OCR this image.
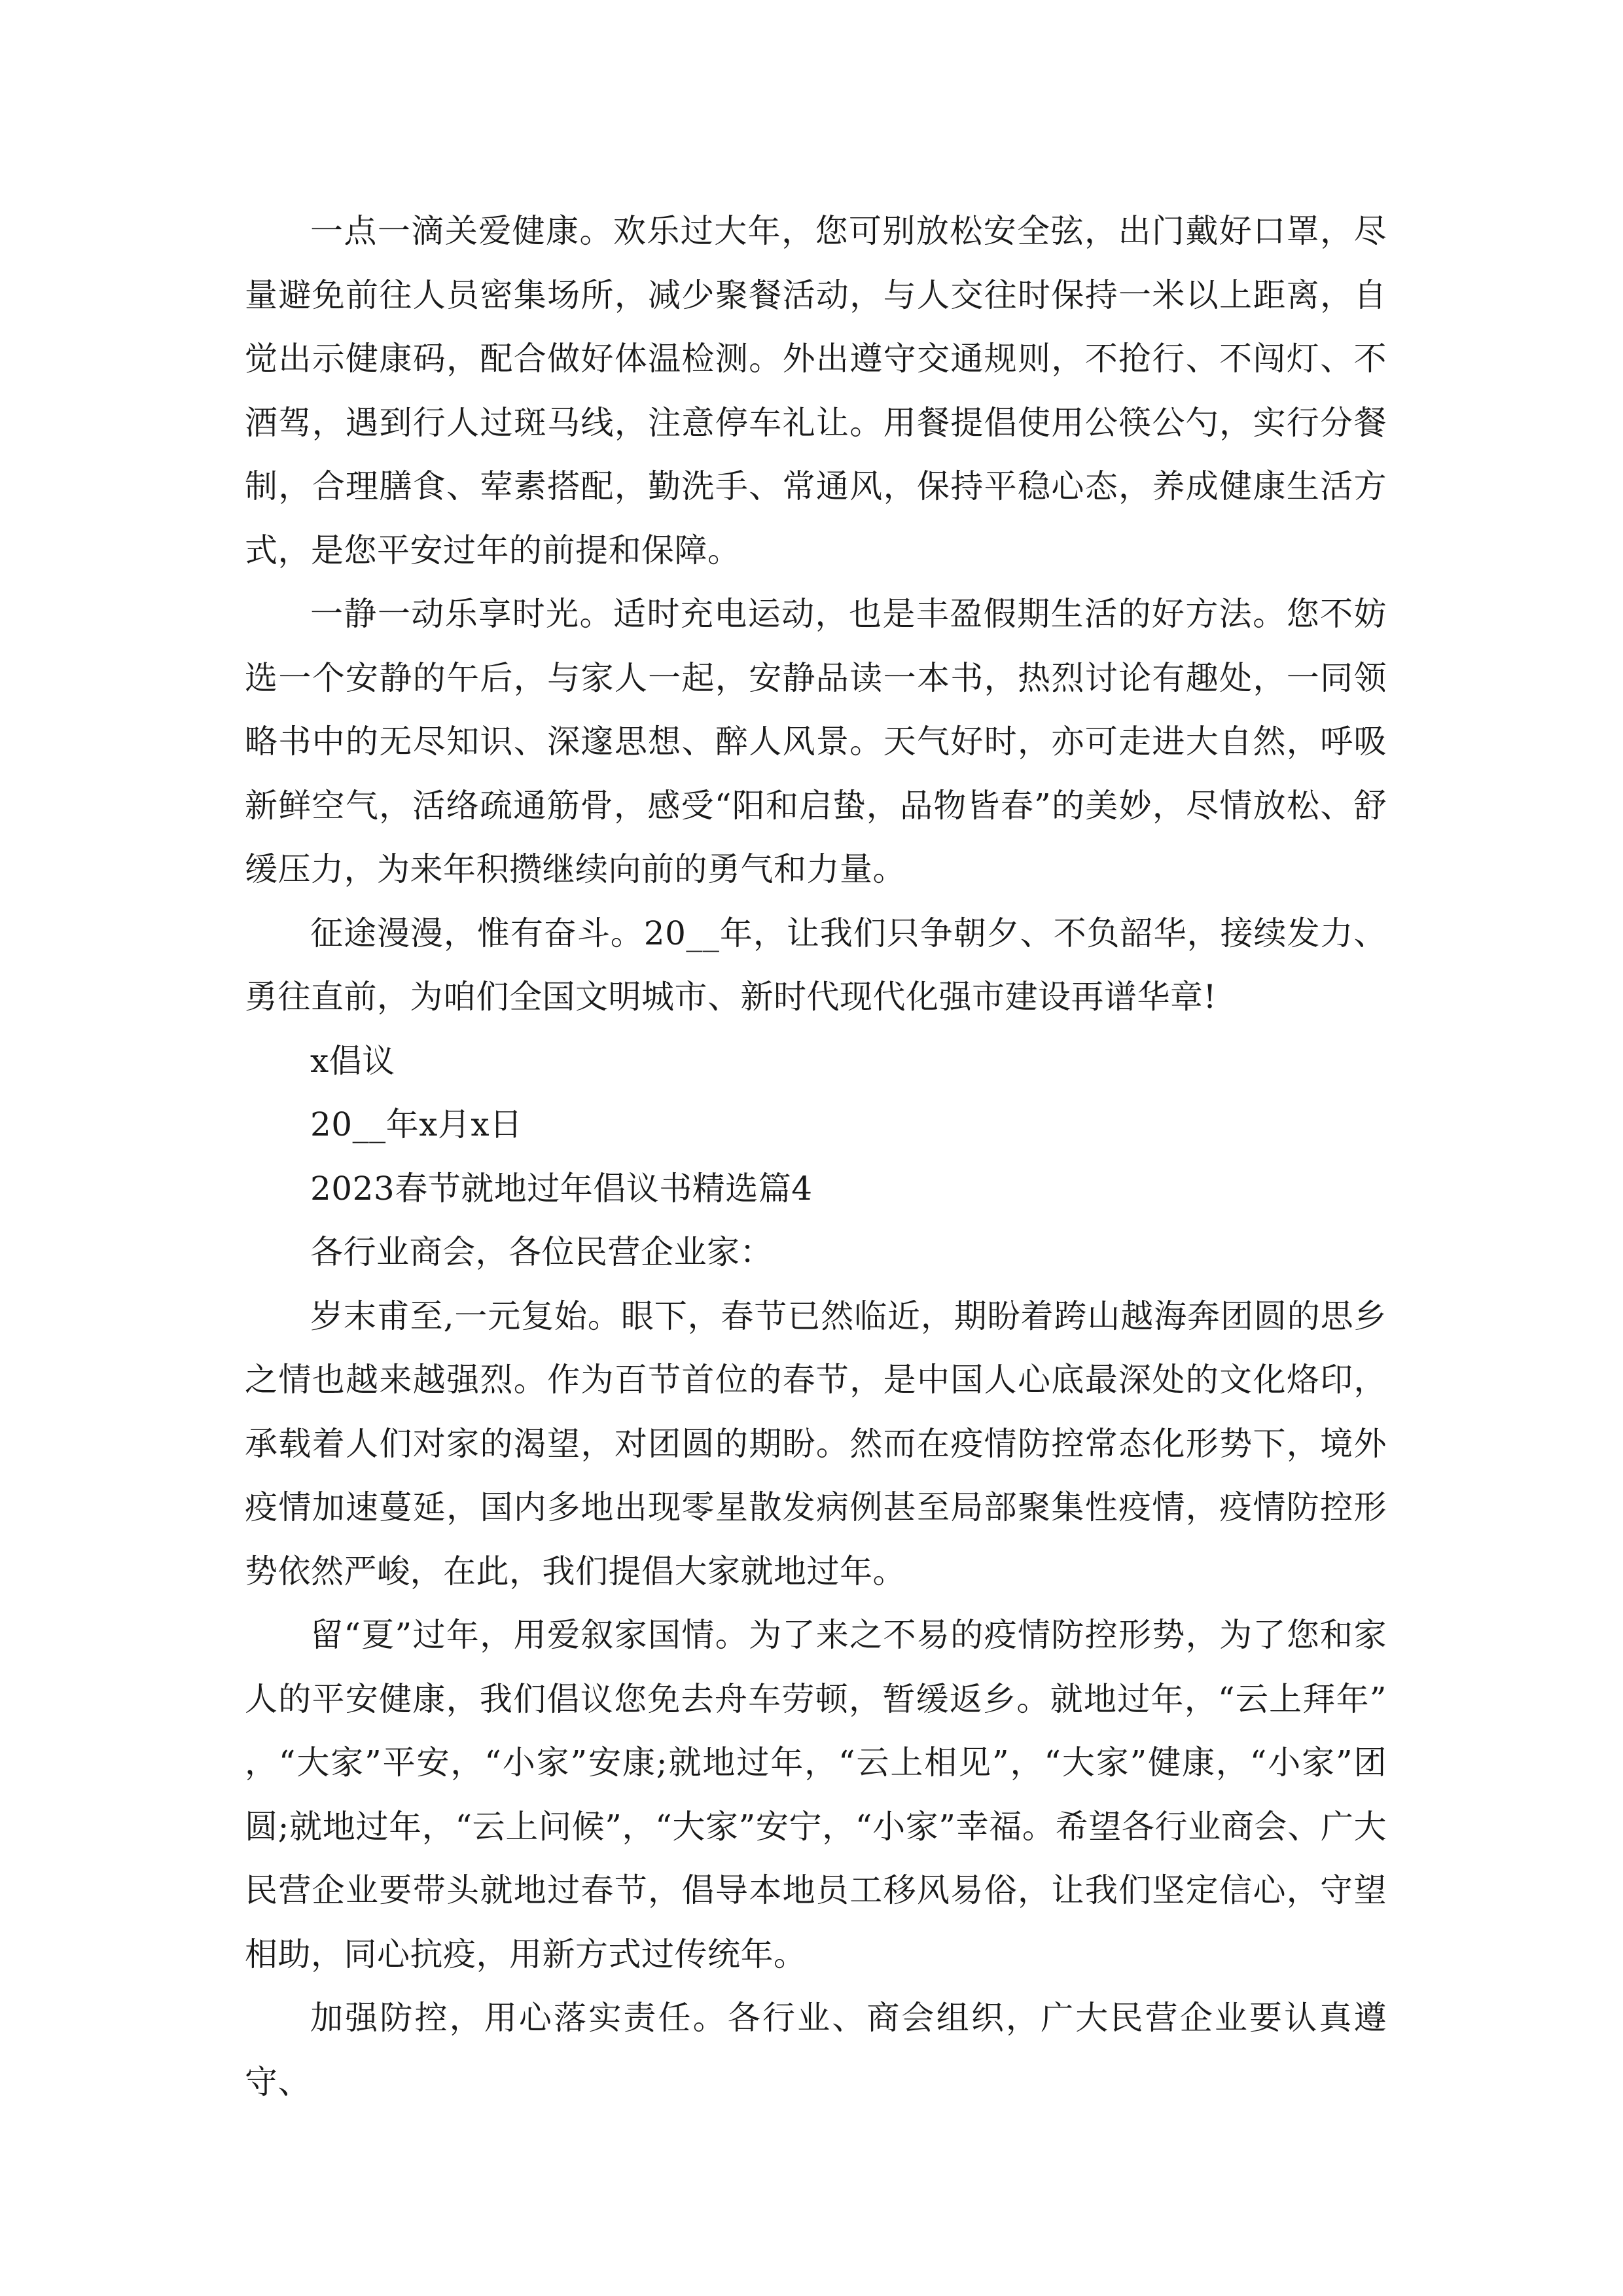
一点一滴关爱健康。欢乐过大年，您可别放松安全弦，出门戴好口罩，尽量避免前往人员密集场所，减少聚餐活动，与人交往时保持一米以上距离，自觉出示健康码，配合做好体温检测。外出遵守交通规则，不抢行、不闯灯、不酒驾，遇到行人过斑马线，注意停车礼让。用餐提倡使用公筷公勺，实行分餐制，合理膳食、荤素搭配，勤洗手、常通风，保持平稳心态，养成健康生活方式，是您平安过年的前提和保障。

一静一动乐享时光。适时充电运动，也是丰盈假期生活的好方法。您不妨选一个安静的午后，与家人一起，安静品读一本书，热烈讨论有趣处，一同领略书中的无尽知识、深邃思想、醉人风景。天气好时，亦可走进大自然，呼吸新鲜空气，活络疏通筋骨，感受“阳和启蛰，品物皆春”的美妙，尽情放松、舒缓压力，为来年积攒继续向前的勇气和力量。

征途漫漫，惟有奋斗。20__年，让我们只争朝夕、不负韶华，接续发力、勇往直前，为咱们全国文明城市、新时代现代化强市建设再谱华章!

x倡议

20__年x月x日

2023春节就地过年倡议书精选篇4

各行业商会，各位民营企业家：

岁末甫至,一元复始。眼下，春节已然临近，期盼着跨山越海奔团圆的思乡之情也越来越强烈。作为百节首位的春节，是中国人心底最深处的文化烙印，承载着人们对家的渴望，对团圆的期盼。然而在疫情防控常态化形势下，境外疫情加速蔓延，国内多地出现零星散发病例甚至局部聚集性疫情，疫情防控形势依然严峻，在此，我们提倡大家就地过年。

留“夏”过年，用爱叙家国情。为了来之不易的疫情防控形势，为了您和家人的平安健康，我们倡议您免去舟车劳顿，暂缓返乡。就地过年，“云上拜年” ，“大家”平安，“小家”安康;就地过年，“云上相见”，“大家”健康，“小家”团圆;就地过年，“云上问候”，“大家”安宁，“小家”幸福。希望各行业商会、广大民营企业要带头就地过春节，倡导本地员工移风易俗，让我们坚定信心，守望相助，同心抗疫，用新方式过传统年。

加强防控，用心落实责任。各行业、商会组织，广大民营企业要认真遵守、
